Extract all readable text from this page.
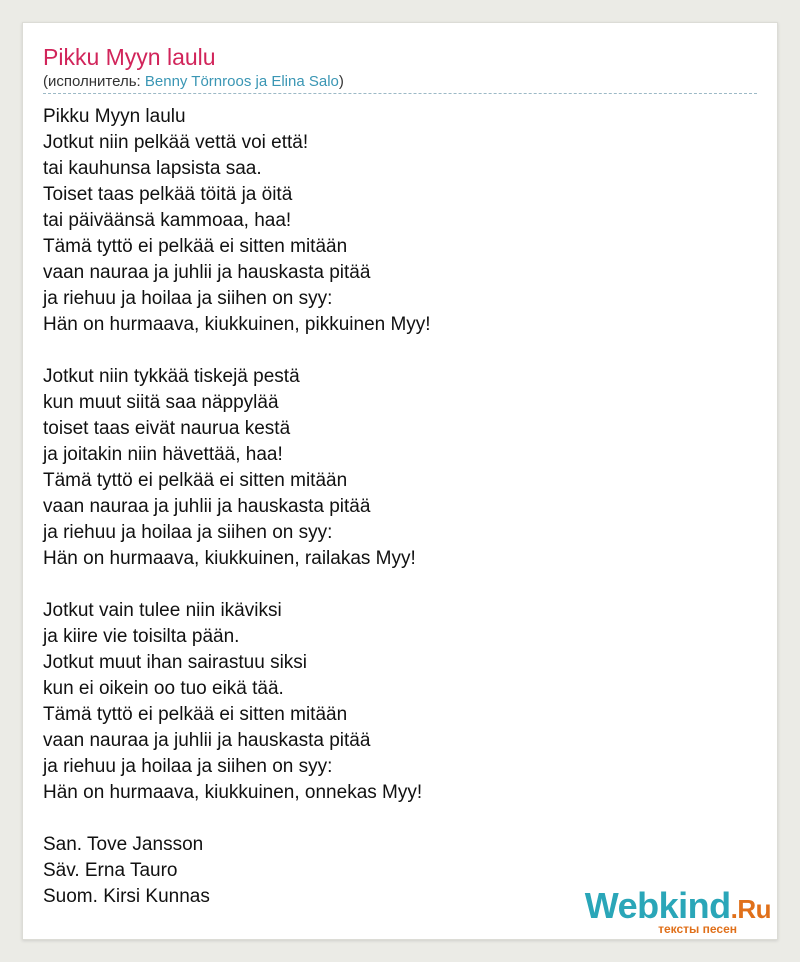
Pikku Myyn laulu
(исполнитель: Benny Törnroos ja Elina Salo)
Pikku Myyn laulu
Jotkut niin pelkää vettä voi että!
tai kauhunsa lapsista saa.
Toiset taas pelkää töitä ja öitä
tai päiväänsä kammoaa, haa!
Tämä tyttö ei pelkää ei sitten mitään
vaan nauraa ja juhlii ja hauskasta pitää
ja riehuu ja hoilaa ja siihen on syy:
Hän on hurmaava, kiukkuinen, pikkuinen Myy!
Jotkut niin tykkää tiskejä pestä
kun muut siitä saa näppylää
toiset taas eivät naurua kestä
ja joitakin niin hävettää, haa!
Tämä tyttö ei pelkää ei sitten mitään
vaan nauraa ja juhlii ja hauskasta pitää
ja riehuu ja hoilaa ja siihen on syy:
Hän on hurmaava, kiukkuinen, railakas Myy!
Jotkut vain tulee niin ikäviksi
ja kiire vie toisilta pään.
Jotkut muut ihan sairastuu siksi
kun ei oikein oo tuo eikä tää.
Tämä tyttö ei pelkää ei sitten mitään
vaan nauraa ja juhlii ja hauskasta pitää
ja riehuu ja hoilaa ja siihen on syy:
Hän on hurmaava, kiukkuinen, onnekas Myy!
San. Tove Jansson
Säv. Erna Tauro
Suom. Kirsi Kunnas	Webkind.Ru
тексты песен
